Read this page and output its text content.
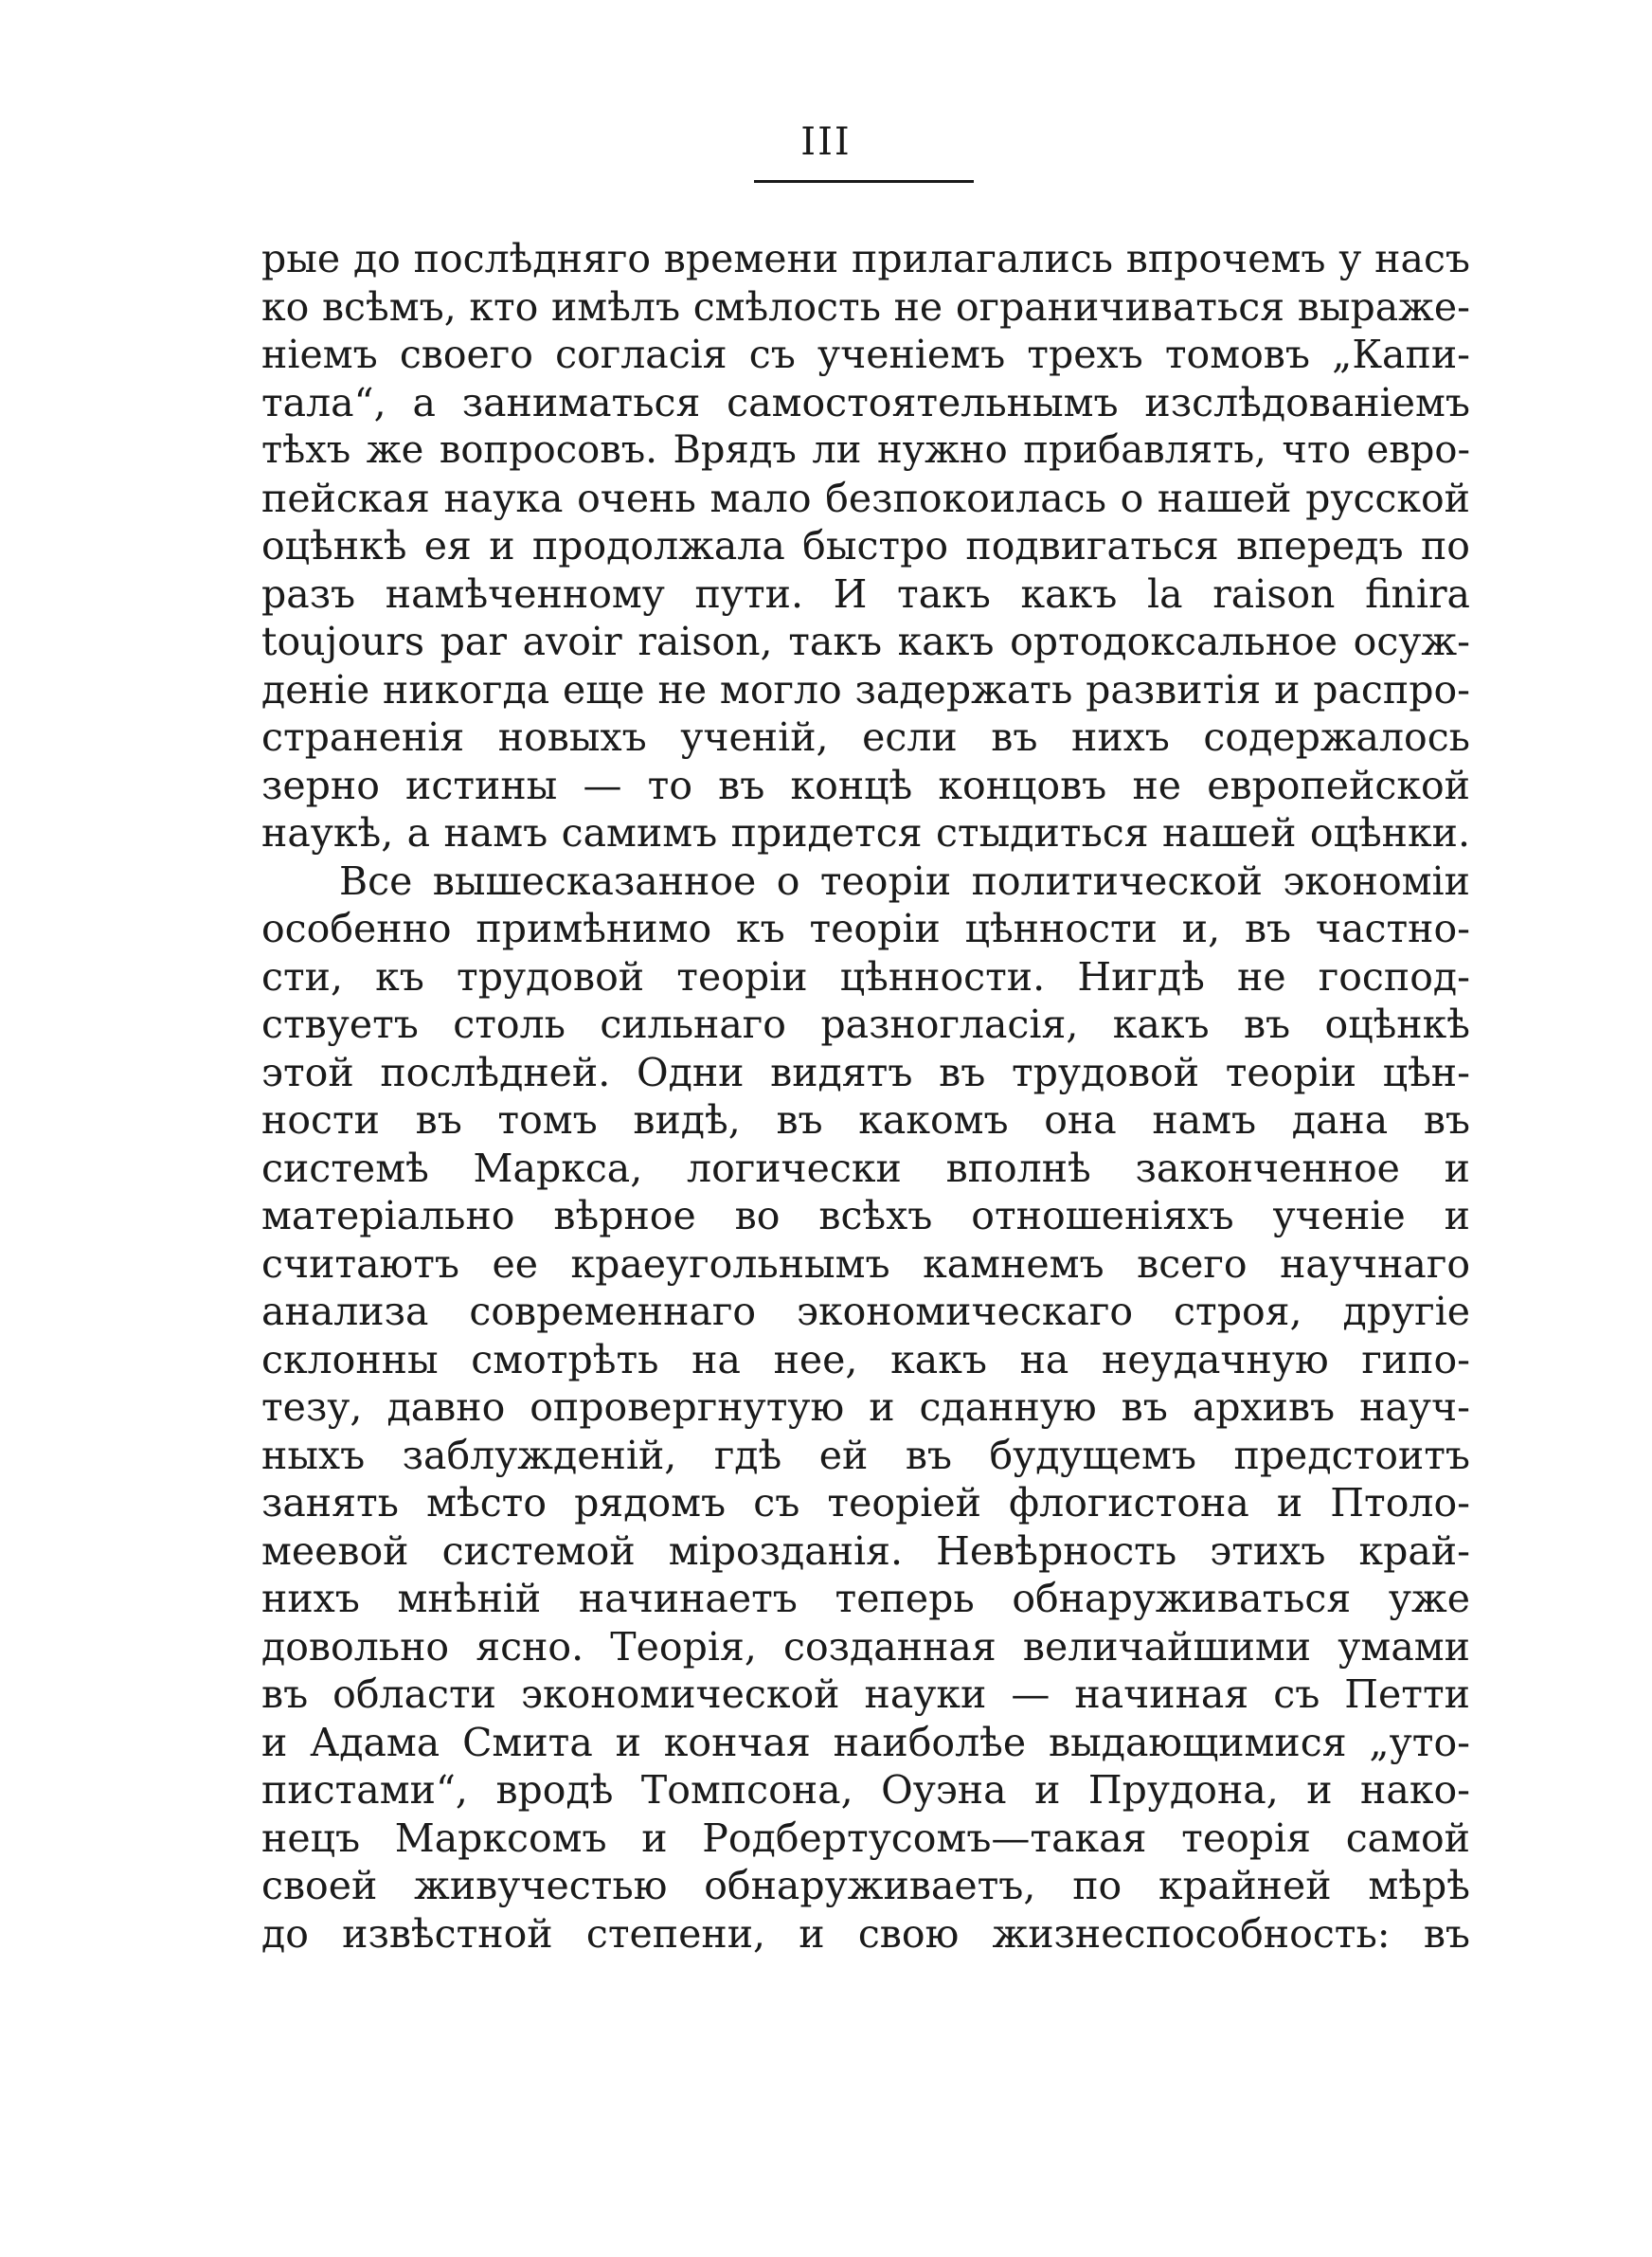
III
рые до послѣдняго времени прилагались впрочемъ у насъ
ко всѣмъ, кто имѣлъ смѣлость не ограничиваться выраже-
ніемъ своего согласія съ ученіемъ трехъ томовъ „Капи-
тала“, а заниматься самостоятельнымъ изслѣдованіемъ
тѣхъ же вопросовъ. Врядъ ли нужно прибавлять, что евро-
пейская наука очень мало безпокоилась о нашей русской
оцѣнкѣ ея и продолжала быстро подвигаться впередъ по
разъ намѣченному пути. И такъ какъ la raison finira
toujours par avoir raison, такъ какъ ортодоксальное осуж-
деніе никогда еще не могло задержать развитія и распро-
страненія новыхъ ученій, если въ нихъ содержалось
зерно истины — то въ концѣ концовъ не европейской
наукѣ, а намъ самимъ придется стыдиться нашей оцѣнки.
Все вышесказанное о теоріи политической экономіи
особенно примѣнимо къ теоріи цѣнности и, въ частно-
сти, къ трудовой теоріи цѣнности. Нигдѣ не господ-
ствуетъ столь сильнаго разногласія, какъ въ оцѣнкѣ
этой послѣдней. Одни видятъ въ трудовой теоріи цѣн-
ности въ томъ видѣ, въ какомъ она намъ дана въ
системѣ Маркса, логически вполнѣ законченное и
матеріально вѣрное во всѣхъ отношеніяхъ ученіе и
считаютъ ее краеугольнымъ камнемъ всего научнаго
анализа современнаго экономическаго строя, другіе
склонны смотрѣть на нее, какъ на неудачную гипо-
тезу, давно опровергнутую и сданную въ архивъ науч-
ныхъ заблужденій, гдѣ ей въ будущемъ предстоитъ
занять мѣсто рядомъ съ теоріей флогистона и Птоло-
меевой системой мірозданія. Невѣрность этихъ край-
нихъ мнѣній начинаетъ теперь обнаруживаться уже
довольно ясно. Теорія, созданная величайшими умами
въ области экономической науки — начиная съ Петти
и Адама Смита и кончая наиболѣе выдающимися „уто-
пистами“, вродѣ Томпсона, Оуэна и Прудона, и нако-
нецъ Марксомъ и Родбертусомъ—такая теорія самой
своей живучестью обнаруживаетъ, по крайней мѣрѣ
до извѣстной степени, и свою жизнеспособность: въ
